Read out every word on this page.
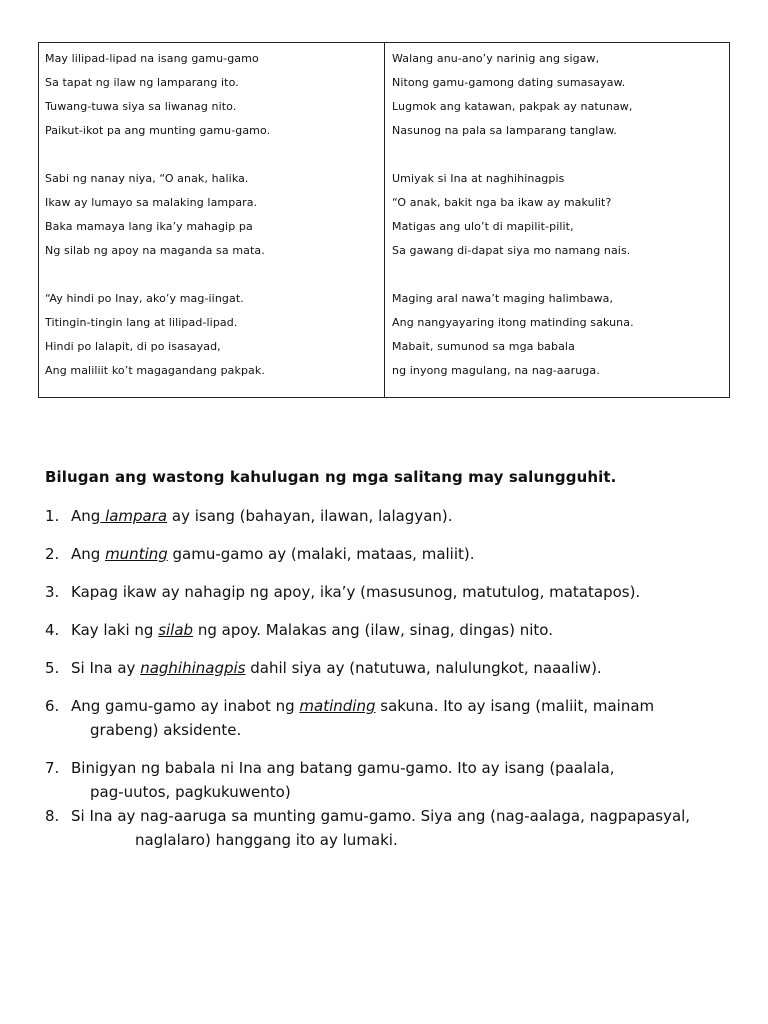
May lilipad-lipad na isang gamu-gamo
Sa tapat ng ilaw ng lamparang ito.
Tuwang-tuwa siya sa liwanag nito.
Paikut-ikot pa ang munting gamu-gamo.
Sabi ng nanay niya, “O anak, halika.
Ikaw ay lumayo sa malaking lampara.
Baka mamaya lang ika’y mahagip pa
Ng silab ng apoy na maganda sa mata.
“Ay hindi po Inay, ako’y mag-iingat.
Titingin-tingin lang at lilipad-lipad.
Hindi po lalapit, di po isasayad,
Ang maliliit ko’t magagandang pakpak.
Walang anu-ano’y narinig ang sigaw,
Nitong gamu-gamong dating sumasayaw.
Lugmok ang katawan, pakpak ay natunaw,
Nasunog na pala sa lamparang tanglaw.
Umiyak si Ina at naghihinagpis
“O anak, bakit nga ba ikaw ay makulit?
Matigas ang ulo’t di mapilit-pilit,
Sa gawang di-dapat siya mo namang nais.
Maging aral nawa’t maging halimbawa,
Ang nangyayaring itong matinding sakuna.
Mabait, sumunod sa mga babala
ng inyong magulang, na nag-aaruga.
Bilugan ang wastong kahulugan ng mga salitang may salungguhit.
1. Ang lampara ay isang (bahayan, ilawan, lalagyan).
2. Ang munting gamu-gamo ay (malaki, mataas, maliit).
3. Kapag ikaw ay nahagip ng apoy, ika’y (masusunog, matutulog, matatapos).
4. Kay laki ng silab ng apoy. Malakas ang (ilaw, sinag, dingas) nito.
5. Si Ina ay naghihinagpis dahil siya ay (natutuwa, nalulungkot, naaaliw).
6. Ang gamu-gamo ay inabot ng matinding sakuna. Ito ay isang (maliit, mainam
grabeng) aksidente.
7. Binigyan ng babala ni Ina ang batang gamu-gamo. Ito ay isang (paalala,
pag-uutos, pagkukuwento)
8. Si Ina ay nag-aaruga sa munting gamu-gamo. Siya ang (nag-aalaga, nagpapasyal,
naglalaro) hanggang ito ay lumaki.
